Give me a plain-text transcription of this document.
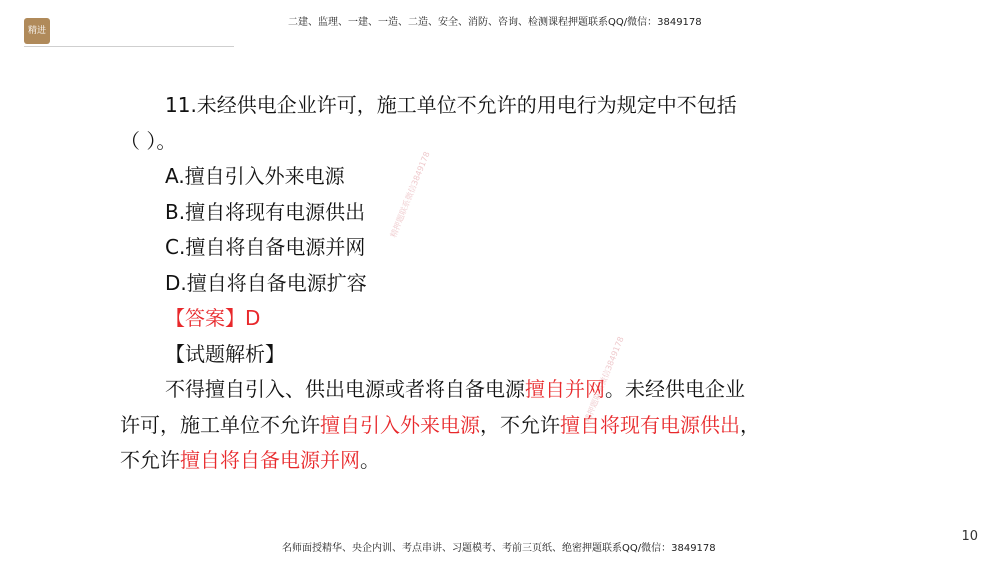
精进
二建、监理、一建、一造、二造、安全、消防、咨询、检测课程押题联系QQ/微信：3849178
精押题联系微信3849178
精押题联系微信3849178
11.未经供电企业许可，施工单位不允许的用电行为规定中不包括
（ ）。
A.擅自引入外来电源
B.擅自将现有电源供出
C.擅自将自备电源并网
D.擅自将自备电源扩容
【答案】D
【试题解析】
不得擅自引入、供出电源或者将自备电源擅自并网。未经供电企业
许可，施工单位不允许擅自引入外来电源，不允许擅自将现有电源供出，
不允许擅自将自备电源并网。
名师面授精华、央企内训、考点串讲、习题模考、考前三页纸、绝密押题联系QQ/微信：3849178
10
